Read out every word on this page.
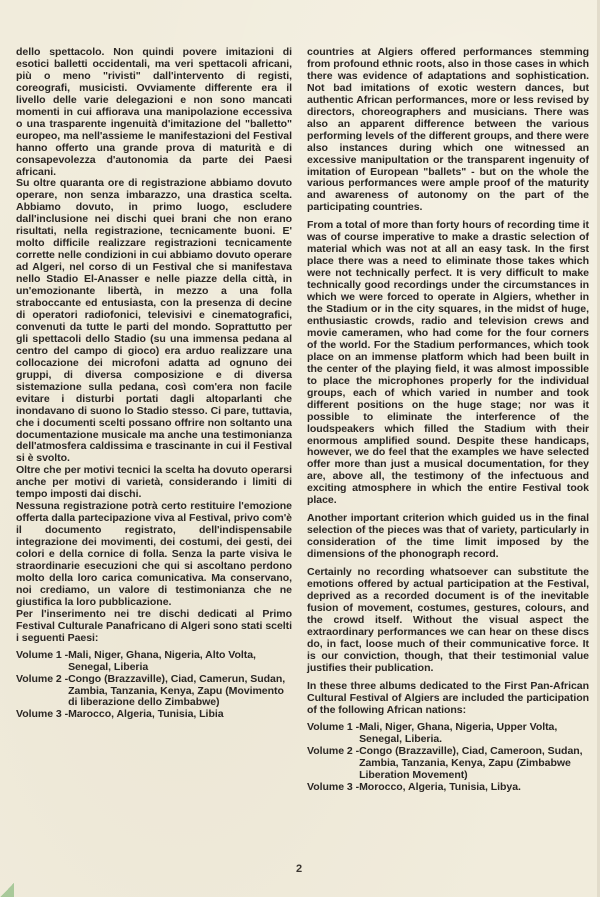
dello spettacolo. Non quindi povere imitazioni di esotici balletti occidentali, ma veri spettacoli africani, più o meno "rivisti" dall'intervento di registi, coreografi, musicisti. Ovviamente differente era il livello delle varie delegazioni e non sono mancati momenti in cui affiorava una manipolazione eccessiva o una trasparente ingenuità d'imitazione del "balletto" europeo, ma nell'assieme le manifestazioni del Festival hanno offerto una grande prova di maturità e di consapevolezza d'autonomia da parte dei Paesi africani.

Su oltre quaranta ore di registrazione abbiamo dovuto operare, non senza imbarazzo, una drastica scelta. Abbiamo dovuto, in primo luogo, escludere dall'inclusione nei dischi quei brani che non erano risultati, nella registrazione, tecnicamente buoni. E' molto difficile realizzare registrazioni tecnicamente corrette nelle condizioni in cui abbiamo dovuto operare ad Algeri, nel corso di un Festival che si manifestava nello Stadio El-Anasser e nelle piazze della città, in un'emozionante libertà, in mezzo a una folla straboccante ed entusiasta, con la presenza di decine di operatori radiofonici, televisivi e cinematografici, convenuti da tutte le parti del mondo. Soprattutto per gli spettacoli dello Stadio (su una immensa pedana al centro del campo di gioco) era arduo realizzare una collocazione dei microfoni adatta ad ognuno dei gruppi, di diversa composizione e di diversa sistemazione sulla pedana, così com'era non facile evitare i disturbi portati dagli altoparlanti che inondavano di suono lo Stadio stesso. Ci pare, tuttavia, che i documenti scelti possano offrire non soltanto una documentazione musicale ma anche una testimonianza dell'atmosfera caldissima e trascinante in cui il Festival si è svolto.

Oltre che per motivi tecnici la scelta ha dovuto operarsi anche per motivi di varietà, considerando i limiti di tempo imposti dai dischi.

Nessuna registrazione potrà certo restituire l'emozione offerta dalla partecipazione viva al Festival, privo com'è il documento registrato, dell'indispensabile integrazione dei movimenti, dei costumi, dei gesti, dei colori e della cornice di folla. Senza la parte visiva le straordinarie esecuzioni che qui si ascoltano perdono molto della loro carica comunicativa. Ma conservano, noi crediamo, un valore di testimonianza che ne giustifica la loro pubblicazione.

Per l'inserimento nei tre dischi dedicati al Primo Festival Culturale Panafricano di Algeri sono stati scelti i seguenti Paesi:

Volume 1 - Mali, Niger, Ghana, Nigeria, Alto Volta, Senegal, Liberia
Volume 2 - Congo (Brazzaville), Ciad, Camerun, Sudan, Zambia, Tanzania, Kenya, Zapu (Movimento di liberazione dello Zimbabwe)
Volume 3 - Marocco, Algeria, Tunisia, Libia

countries at Algiers offered performances stemming from profound ethnic roots, also in those cases in which there was evidence of adaptations and sophistication. Not bad imitations of exotic western dances, but authentic African performances, more or less revised by directors, choreographers and musicians. There was also an apparent difference between the various performing levels of the different groups, and there were also instances during which one witnessed an excessive manipultation or the transparent ingenuity of imitation of European "ballets" - but on the whole the various performances were ample proof of the maturity and awareness of autonomy on the part of the participating countries.

From a total of more than forty hours of recording time it was of course imperative to make a drastic selection of material which was not at all an easy task. In the first place there was a need to eliminate those takes which were not technically perfect. It is very difficult to make technically good recordings under the circumstances in which we were forced to operate in Algiers, whether in the Stadium or in the city squares, in the midst of huge, enthusiastic crowds, radio and television crews and movie cameramen, who had come for the four corners of the world. For the Stadium performances, which took place on an immense platform which had been built in the center of the playing field, it was almost impossible to place the microphones properly for the individual groups, each of which varied in number and took different positions on the huge stage; nor was it possible to eliminate the interference of the loudspeakers which filled the Stadium with their enormous amplified sound. Despite these handicaps, however, we do feel that the examples we have selected offer more than just a musical documentation, for they are, above all, the testimony of the infectuous and exciting atmosphere in which the entire Festival took place.

Another important criterion which guided us in the final selection of the pieces was that of variety, particularly in consideration of the time limit imposed by the dimensions of the phonograph record.

Certainly no recording whatsoever can substitute the emotions offered by actual participation at the Festival, deprived as a recorded document is of the inevitable fusion of movement, costumes, gestures, colours, and the crowd itself. Without the visual aspect the extraordinary performances we can hear on these discs do, in fact, loose much of their communicative force. It is our conviction, though, that their testimonial value justifies their publication.

In these three albums dedicated to the First Pan-African Cultural Festival of Algiers are included the participation of the following African nations:

Volume 1 - Mali, Niger, Ghana, Nigeria, Upper Volta, Senegal, Liberia.
Volume 2 - Congo (Brazzaville), Ciad, Cameroon, Sudan, Zambia, Tanzania, Kenya, Zapu (Zimbabwe Liberation Movement)
Volume 3 - Morocco, Algeria, Tunisia, Libya.
2
